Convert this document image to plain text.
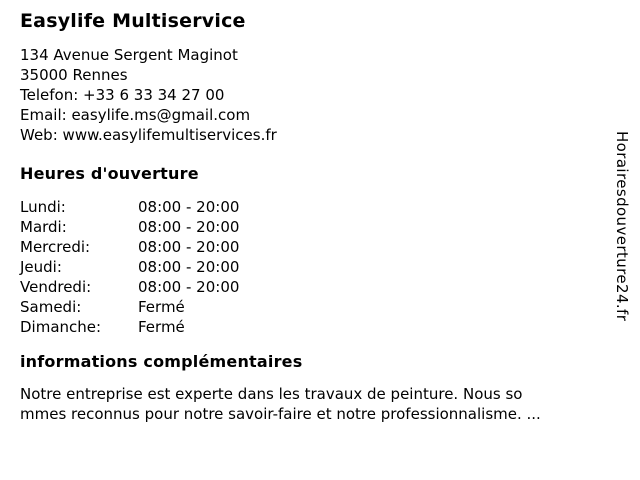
Easylife Multiservice
134 Avenue Sergent Maginot
35000 Rennes
Telefon: +33 6 33 34 27 00
Email: easylife.ms@gmail.com
Web: www.easylifemultiservices.fr
Heures d'ouverture
Lundi:	08:00 - 20:00
Mardi:	08:00 - 20:00
Mercredi:	08:00 - 20:00
Jeudi:	08:00 - 20:00
Vendredi:	08:00 - 20:00
Samedi:	Fermé
Dimanche:	Fermé
informations complémentaires
Notre entreprise est experte dans les travaux de peinture. Nous so
mmes reconnus pour notre savoir-faire et notre professionnalisme. ...
Horairesdouverture24.fr
